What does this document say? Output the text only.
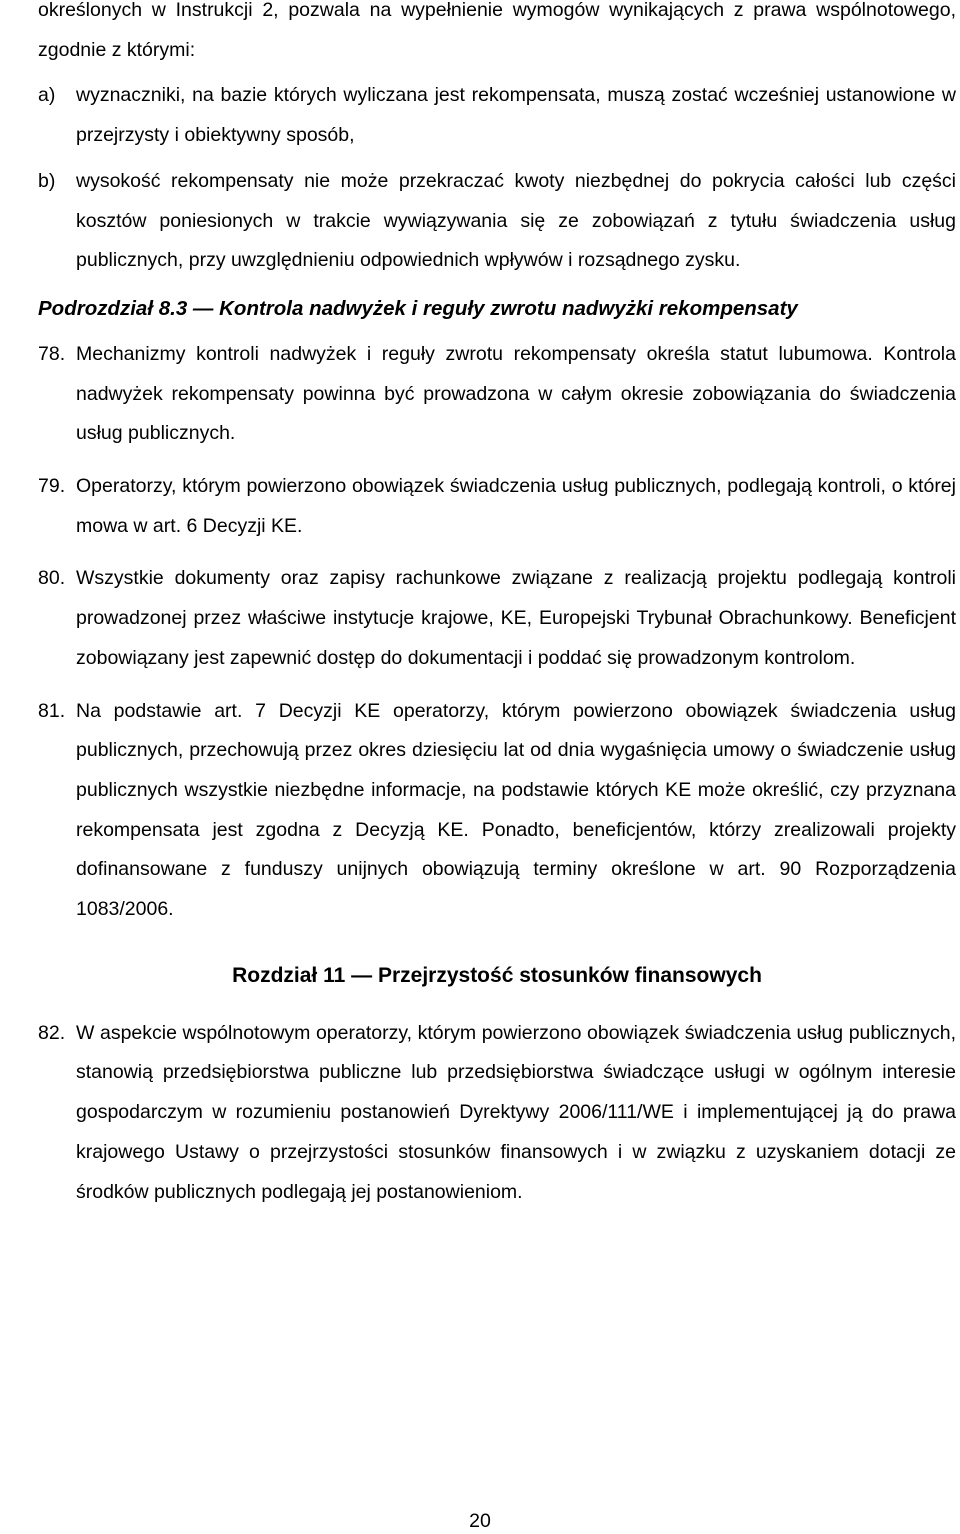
określonych w Instrukcji 2, pozwala na wypełnienie wymogów wynikających z prawa wspólnotowego, zgodnie z którymi:

a)	wyznaczniki, na bazie których wyliczana jest rekompensata, muszą zostać wcześniej ustanowione w przejrzysty i obiektywny sposób,

b)	wysokość rekompensaty nie może przekraczać kwoty niezbędnej do pokrycia całości lub części kosztów poniesionych w trakcie wywiązywania się ze zobowiązań z tytułu świadczenia usług publicznych, przy uwzględnieniu odpowiednich wpływów i rozsądnego zysku.

Podrozdział 8.3 — Kontrola nadwyżek i reguły zwrotu nadwyżki rekompensaty

78. Mechanizmy kontroli nadwyżek i reguły zwrotu rekompensaty określa statut lubumowa. Kontrola nadwyżek rekompensaty powinna być prowadzona w całym okresie zobowiązania do świadczenia usług publicznych.

79. Operatorzy, którym powierzono obowiązek świadczenia usług publicznych, podlegają kontroli, o której mowa w art. 6 Decyzji KE.

80. Wszystkie dokumenty oraz zapisy rachunkowe związane z realizacją projektu podlegają kontroli prowadzonej przez właściwe instytucje krajowe, KE, Europejski Trybunał Obrachunkowy. Beneficjent zobowiązany jest zapewnić dostęp do dokumentacji i poddać się prowadzonym kontrolom.

81. Na podstawie art. 7 Decyzji KE operatorzy, którym powierzono obowiązek świadczenia usług publicznych, przechowują przez okres dziesięciu lat od dnia wygaśnięcia umowy o świadczenie usług publicznych wszystkie niezbędne informacje, na podstawie których KE może określić, czy przyznana rekompensata jest zgodna z Decyzją KE. Ponadto, beneficjentów, którzy zrealizowali projekty dofinansowane z funduszy unijnych obowiązują terminy określone w art. 90 Rozporządzenia 1083/2006.

Rozdział 11 — Przejrzystość stosunków finansowych

82. W aspekcie wspólnotowym operatorzy, którym powierzono obowiązek świadczenia usług publicznych, stanowią przedsiębiorstwa publiczne lub przedsiębiorstwa świadczące usługi w ogólnym interesie gospodarczym w rozumieniu postanowień Dyrektywy 2006/111/WE i implementującej ją do prawa krajowego Ustawy o przejrzystości stosunków finansowych i w związku z uzyskaniem dotacji ze środków publicznych podlegają jej postanowieniom.

20
